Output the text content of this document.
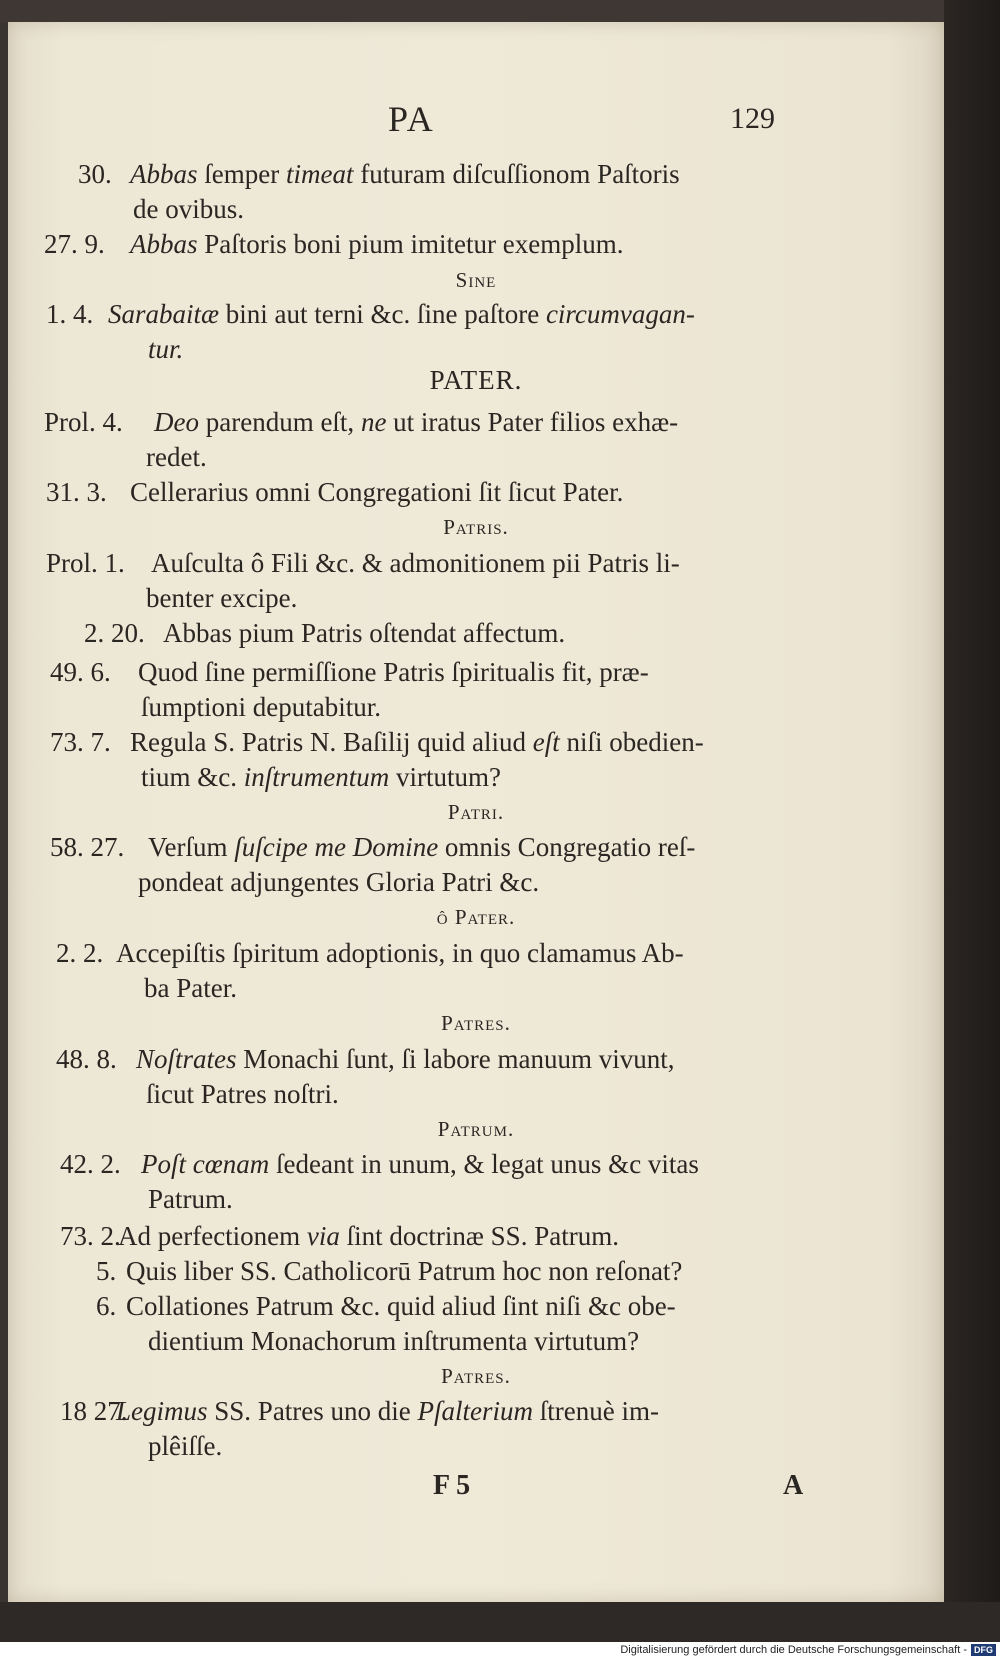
PA	129
30. Abbas ſemper timeat futuram diſcuſſionom Paſtoris
de ovibus.
27. 9. Abbas Paſtoris boni pium imitetur exemplum.
Sine
1. 4. Sarabaitæ bini aut terni &c. ſine paſtore circumvagan-
tur.
PATER.
Prol. 4. Deo parendum eſt, ne ut iratus Pater filios exhæ-
redet.
31. 3. Cellerarius omni Congregationi ſit ſicut Pater.
Patris.
Prol. 1. Auſculta ô Fili &c. & admonitionem pii Patris li-
benter excipe.
2. 20. Abbas pium Patris oſtendat affectum.
49. 6. Quod ſine permiſſione Patris ſpiritualis fit, præ-
ſumptioni deputabitur.
73. 7. Regula S. Patris N. Baſilij quid aliud eſt niſi obedien-
tium &c. inſtrumentum virtutum?
Patri.
58. 27. Verſum ſuſcipe me Domine omnis Congregatio reſ-
pondeat adjungentes Gloria Patri &c.
ô Pater.
2. 2. Accepiſtis ſpiritum adoptionis, in quo clamamus Ab-
ba Pater.
Patres.
48. 8. Noſtrates Monachi ſunt, ſi labore manuum vivunt,
ſicut Patres noſtri.
Patrum.
42. 2. Poſt cœnam ſedeant in unum, & legat unus &c vitas
Patrum.
73. 2.
Ad perfectionem via ſint doctrinæ SS. Patrum.
5. Quis liber SS. Catholicorū Patrum hoc non reſonat?
6. Collationes Patrum &c. quid aliud ſint niſi &c obe-
dientium Monachorum inſtrumenta virtutum?
Patres.
18 27.
Legimus SS. Patres uno die Pſalterium ſtrenuè im-
plêiſſe.
F 5	A
Digitalisierung gefördert durch die Deutsche Forschungsgemeinschaft - DFG
